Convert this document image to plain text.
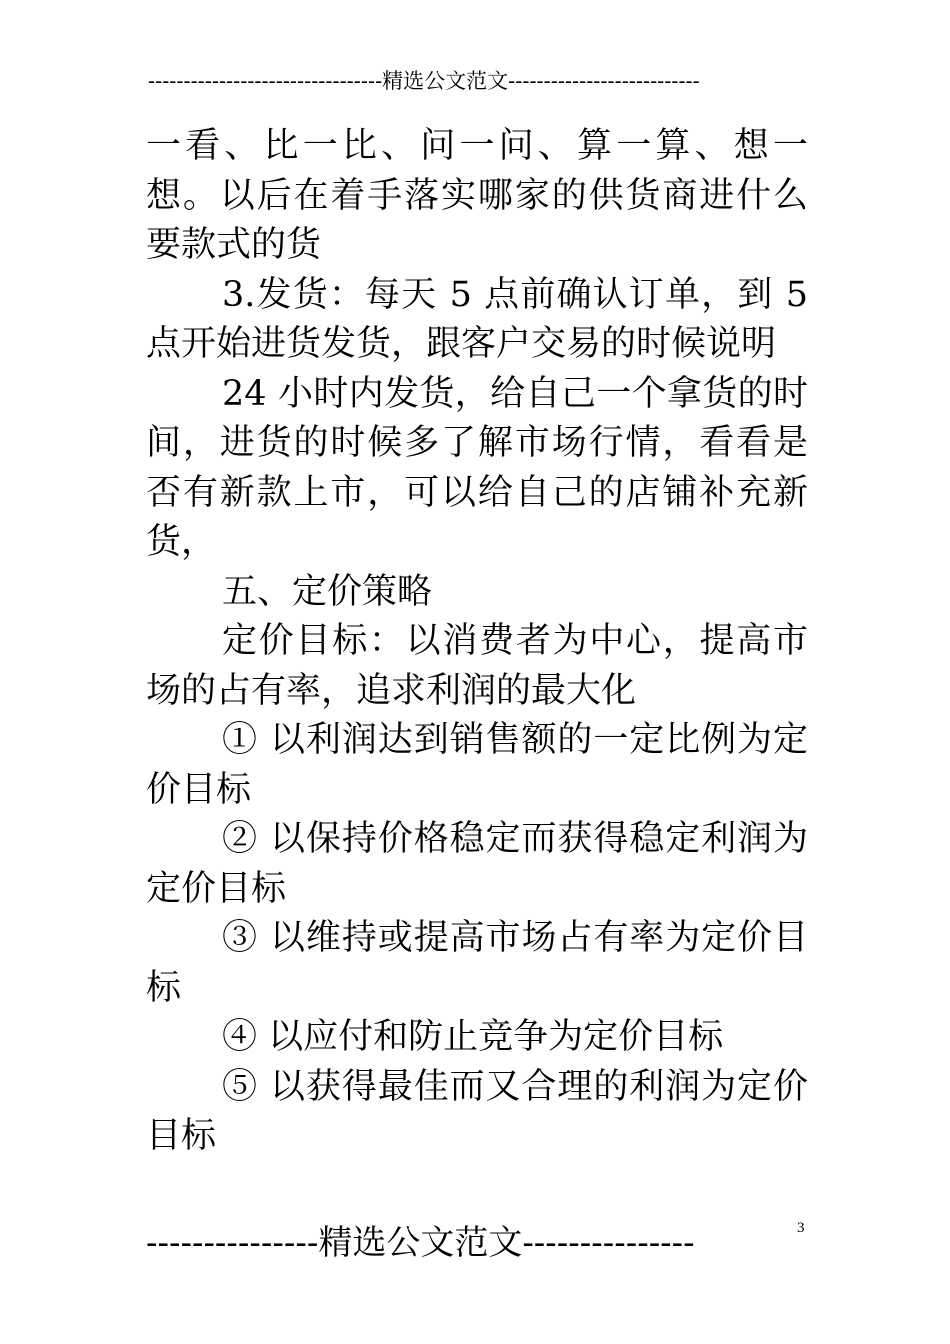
---------------------------------精选公文范文---------------------------

一看、比一比、问一问、算一算、想一想。以后在着手落实哪家的供货商进什么要款式的货

3.发货：每天 5 点前确认订单，到 5 点开始进货发货，跟客户交易的时候说明

24 小时内发货，给自己一个拿货的时间，进货的时候多了解市场行情，看看是否有新款上市，可以给自己的店铺补充新货，

五、定价策略

定价目标：以消费者为中心，提高市场的占有率，追求利润的最大化

① 以利润达到销售额的一定比例为定价目标

② 以保持价格稳定而获得稳定利润为定价目标

③ 以维持或提高市场占有率为定价目标

④ 以应付和防止竞争为定价目标

⑤ 以获得最佳而又合理的利润为定价目标

---------------精选公文范文---------------	3
